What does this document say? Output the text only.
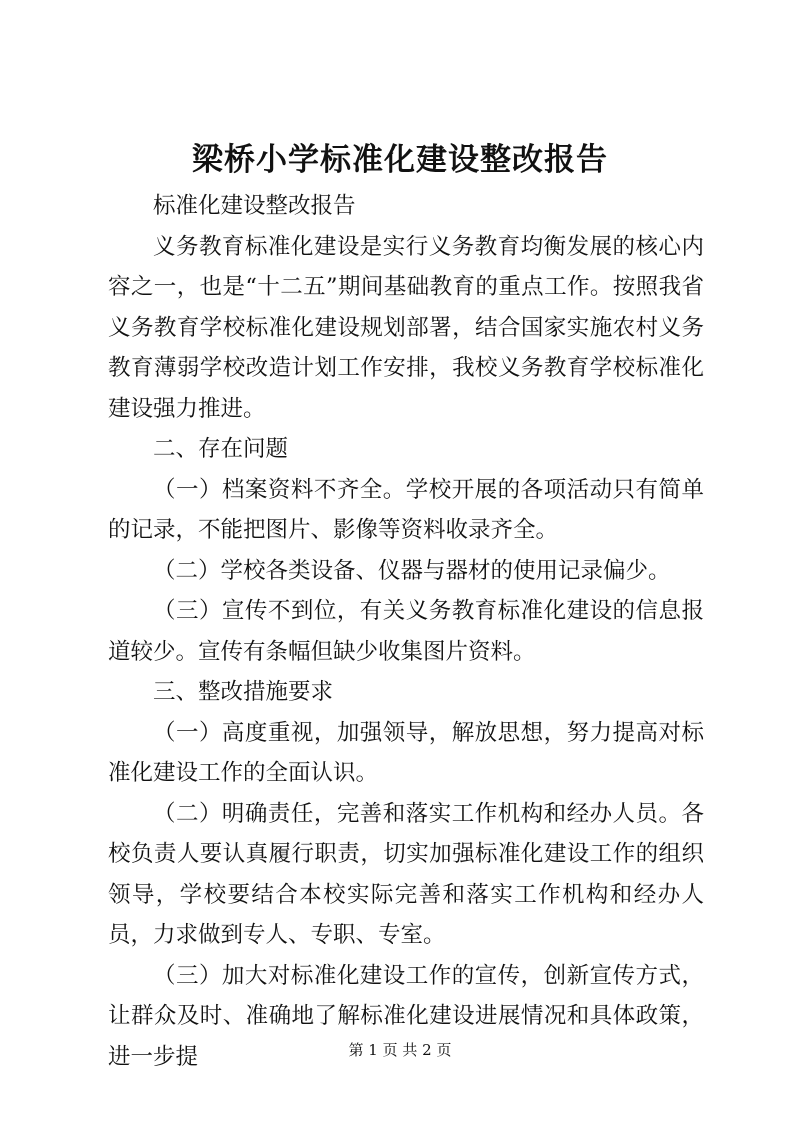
梁桥小学标准化建设整改报告

标准化建设整改报告

义务教育标准化建设是实行义务教育均衡发展的核心内容之一，也是“十二五”期间基础教育的重点工作。按照我省义务教育学校标准化建设规划部署，结合国家实施农村义务教育薄弱学校改造计划工作安排，我校义务教育学校标准化建设强力推进。

二、存在问题

（一）档案资料不齐全。学校开展的各项活动只有简单的记录，不能把图片、影像等资料收录齐全。

（二）学校各类设备、仪器与器材的使用记录偏少。

（三）宣传不到位，有关义务教育标准化建设的信息报道较少。宣传有条幅但缺少收集图片资料。

三、整改措施要求

（一）高度重视，加强领导，解放思想，努力提高对标准化建设工作的全面认识。

（二）明确责任，完善和落实工作机构和经办人员。各校负责人要认真履行职责，切实加强标准化建设工作的组织领导，学校要结合本校实际完善和落实工作机构和经办人员，力求做到专人、专职、专室。

（三）加大对标准化建设工作的宣传，创新宣传方式，让群众及时、准确地了解标准化建设进展情况和具体政策，进一步提	第 1 页 共 2 页
